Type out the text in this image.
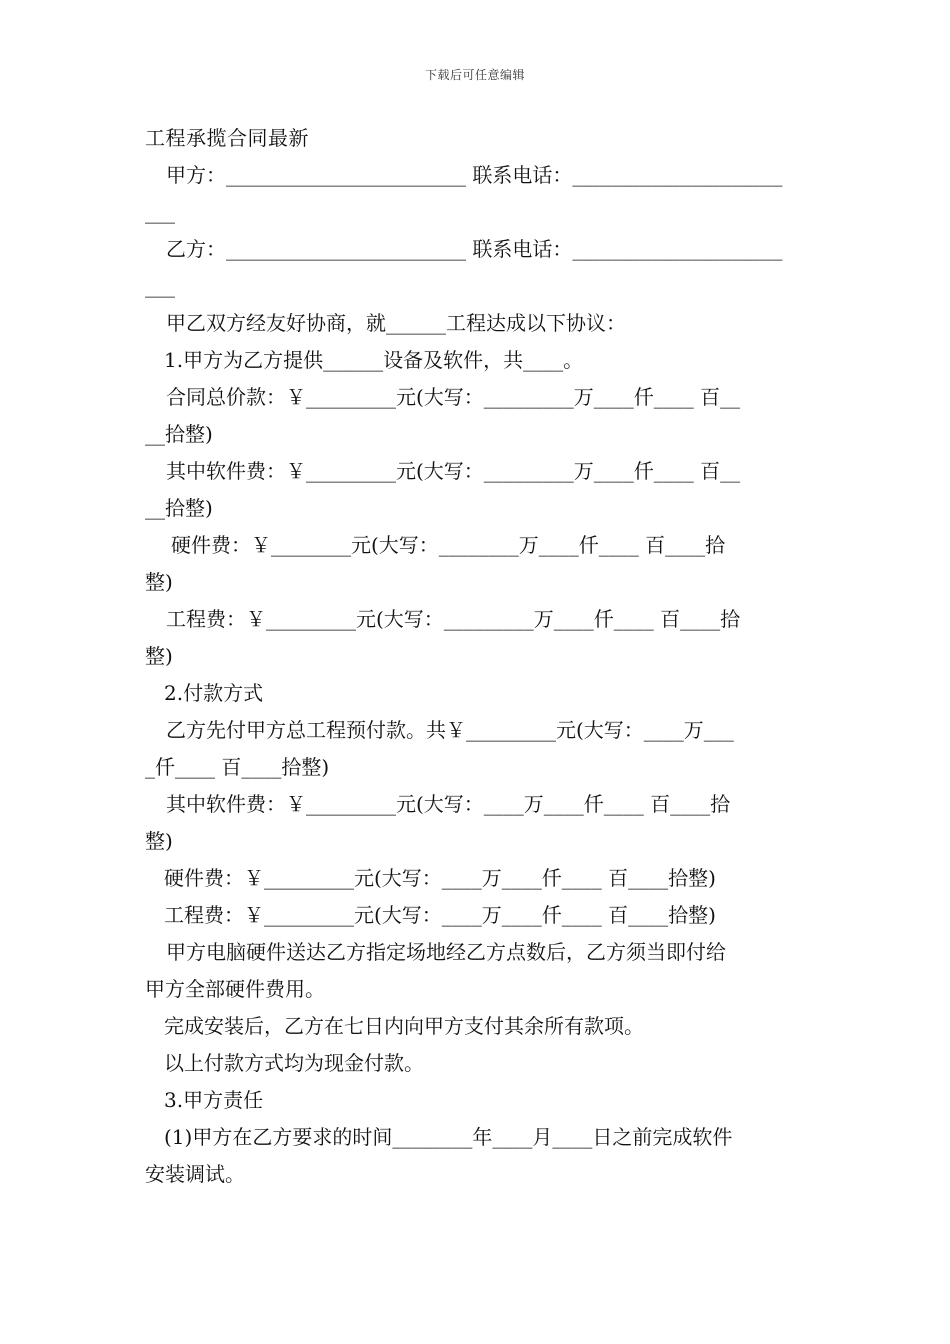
下载后可任意编辑
工程承揽合同最新
甲方：________________________ 联系电话：_____________________
___
乙方：________________________ 联系电话：_____________________
___
甲乙双方经友好协商，就______工程达成以下协议：
1.甲方为乙方提供______设备及软件，共____。
合同总价款：￥_________元(大写：_________万____仟____ 百__
__拾整)
其中软件费：￥_________元(大写：_________万____仟____ 百__
__拾整)
硬件费：￥________元(大写：________万____仟____ 百____拾
整)
工程费：￥_________元(大写：_________万____仟____ 百____拾
整)
2.付款方式
乙方先付甲方总工程预付款。共￥_________元(大写：____万___
_仟____ 百____拾整)
其中软件费：￥_________元(大写：____万____仟____ 百____拾
整)
硬件费：￥_________元(大写：____万____仟____ 百____拾整)
工程费：￥_________元(大写：____万____仟____ 百____拾整)
甲方电脑硬件送达乙方指定场地经乙方点数后，乙方须当即付给
甲方全部硬件费用。
完成安装后，乙方在七日内向甲方支付其余所有款项。
以上付款方式均为现金付款。
3.甲方责任
(1)甲方在乙方要求的时间________年____月____日之前完成软件
安装调试。
